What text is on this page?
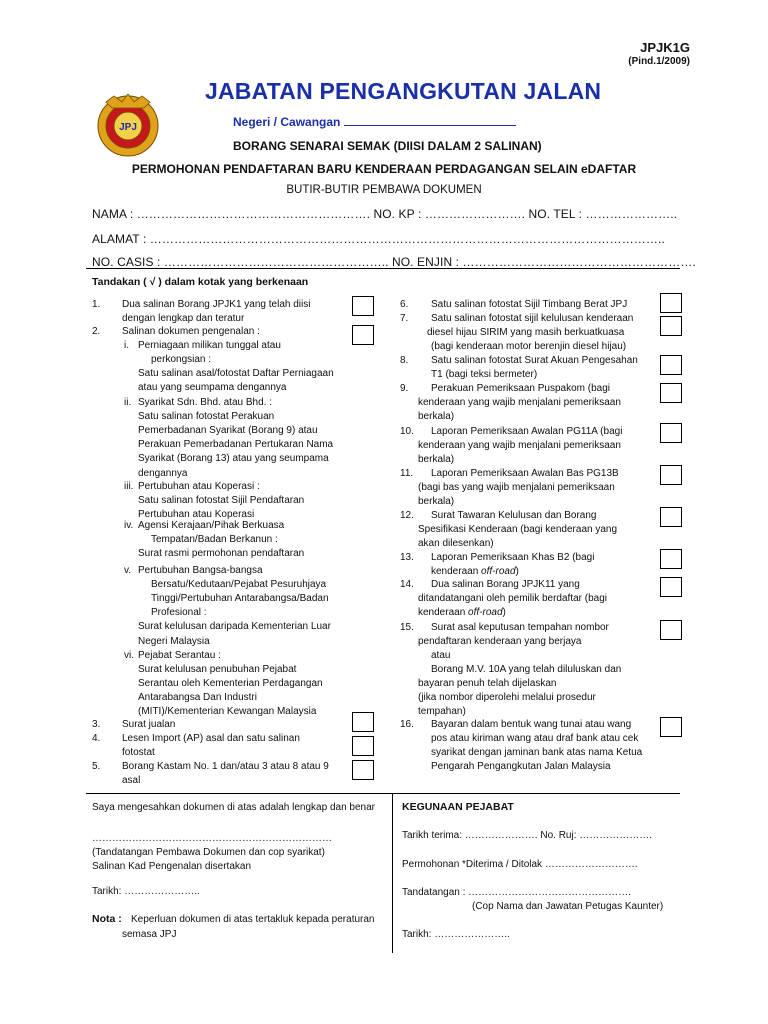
JPJK1G
(Pind.1/2009)
JPJ
JABATAN PENGANGKUTAN JALAN
Negeri / Cawangan
BORANG SENARAI SEMAK (DIISI DALAM 2 SALINAN)
PERMOHONAN PENDAFTARAN BARU KENDERAAN PERDAGANGAN SELAIN eDAFTAR
BUTIR-BUTIR PEMBAWA DOKUMEN
NAMA : …………………………………………………. NO. KP : ……………………. NO. TEL : …………………..
ALAMAT : ………………………………………………………………………………………………………………..
NO. CASIS : ……………………………………………….. NO. ENJIN : ………………………………………………….
Tandakan ( √ ) dalam kotak yang berkenaan
1. Dua salinan Borang JPJK1 yang telah diisi
dengan lengkap dan teratur
2. Salinan dokumen pengenalan :
i. Perniagaan milikan tunggal atau
perkongsian :
Satu salinan asal/fotostat Daftar Perniagaan
atau yang seumpama dengannya
ii. Syarikat Sdn. Bhd. atau Bhd. :
Satu salinan fotostat Perakuan
Pemerbadanan Syarikat (Borang 9) atau
Perakuan Pemerbadanan Pertukaran Nama
Syarikat (Borang 13) atau yang seumpama
dengannya
iii. Pertubuhan atau Koperasi :
Satu salinan fotostat Sijil Pendaftaran
Pertubuhan atau Koperasi
iv. Agensi Kerajaan/Pihak Berkuasa
Tempatan/Badan Berkanun :
Surat rasmi permohonan pendaftaran
v. Pertubuhan Bangsa-bangsa
Bersatu/Kedutaan/Pejabat Pesuruhjaya
Tinggi/Pertubuhan Antarabangsa/Badan
Profesional :
Surat kelulusan daripada Kementerian Luar
Negeri Malaysia
vi. Pejabat Serantau :
Surat kelulusan penubuhan Pejabat
Serantau oleh Kementerian Perdagangan
Antarabangsa Dan Industri
(MITI)/Kementerian Kewangan Malaysia
3. Surat jualan
4. Lesen Import (AP) asal dan satu salinan
fotostat
5. Borang Kastam No. 1 dan/atau 3 atau 8 atau 9
asal
6. Satu salinan fotostat Sijil Timbang Berat JPJ
7. Satu salinan fotostat sijil kelulusan kenderaan
diesel hijau SIRIM yang masih berkuatkuasa
(bagi kenderaan motor berenjin diesel hijau)
8. Satu salinan fotostat Surat Akuan Pengesahan
T1 (bagi teksi bermeter)
9. Perakuan Pemeriksaan Puspakom (bagi
kenderaan yang wajib menjalani pemeriksaan
berkala)
10. Laporan Pemeriksaan Awalan PG11A (bagi
kenderaan yang wajib menjalani pemeriksaan
berkala)
11. Laporan Pemeriksaan Awalan Bas PG13B
(bagi bas yang wajib menjalani pemeriksaan
berkala)
12. Surat Tawaran Kelulusan dan Borang
Spesifikasi Kenderaan (bagi kenderaan yang
akan dilesenkan)
13. Laporan Pemeriksaan Khas B2 (bagi
kenderaan off-road)
14. Dua salinan Borang JPJK11 yang
ditandatangani oleh pemilik berdaftar (bagi
kenderaan off-road)
15. Surat asal keputusan tempahan nombor
pendaftaran kenderaan yang berjaya
atau
Borang M.V. 10A yang telah diluluskan dan
bayaran penuh telah dijelaskan
(jika nombor diperolehi melalui prosedur
tempahan)
16. Bayaran dalam bentuk wang tunai atau wang
pos atau kiriman wang atau draf bank atau cek
syarikat dengan jaminan bank atas nama Ketua
Pengarah Pengangkutan Jalan Malaysia
Saya mengesahkan dokumen di atas adalah lengkap dan benar
………………………………………………………………
(Tandatangan Pembawa Dokumen dan cop syarikat)
Salinan Kad Pengenalan disertakan
Tarikh: …………………..
Nota : Keperluan dokumen di atas tertakluk kepada peraturan
semasa JPJ
KEGUNAAN PEJABAT
Tarikh terima: …………………. No. Ruj: ………………….
Permohonan *Diterima / Ditolak ……………………….
Tandatangan : ………………………………………….
(Cop Nama dan Jawatan Petugas Kaunter)
Tarikh: …………………..
